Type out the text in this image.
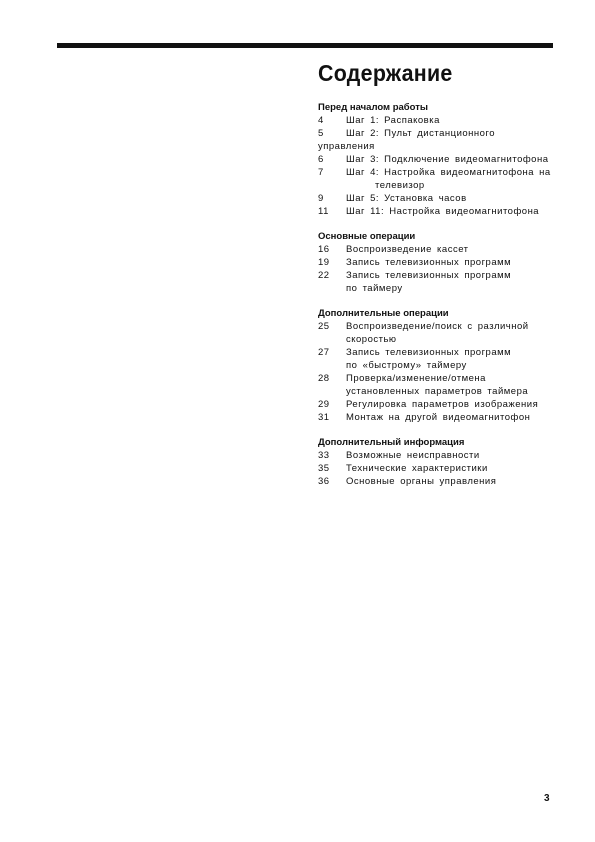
Содержание
Перед началом работы
4	Шаг 1: Распаковка
5	Шаг 2: Пульт дистанционного
управления
6	Шаг 3: Подключение видеомагнитофона
7	Шаг 4: Настройка видеомагнитофона на
телевизор
9	Шаг 5: Установка часов
11	Шаг 11: Настройка видеомагнитофона
Основные операции
16	Воспроизведение кассет
19	Запись телевизионных программ
22	Запись телевизионных программ
по таймеру
Дополнительные операции
25	Воспроизведение/поиск с различной
скоростью
27	Запись телевизионных программ
по «быстрому» таймеру
28	Проверка/изменение/отмена
установленных параметров таймера
29	Регулировка параметров изображения
31	Монтаж на другой видеомагнитофон
Дополнительный информация
33	Возможные неисправности
35	Технические характеристики
36	Основные органы управления
3
